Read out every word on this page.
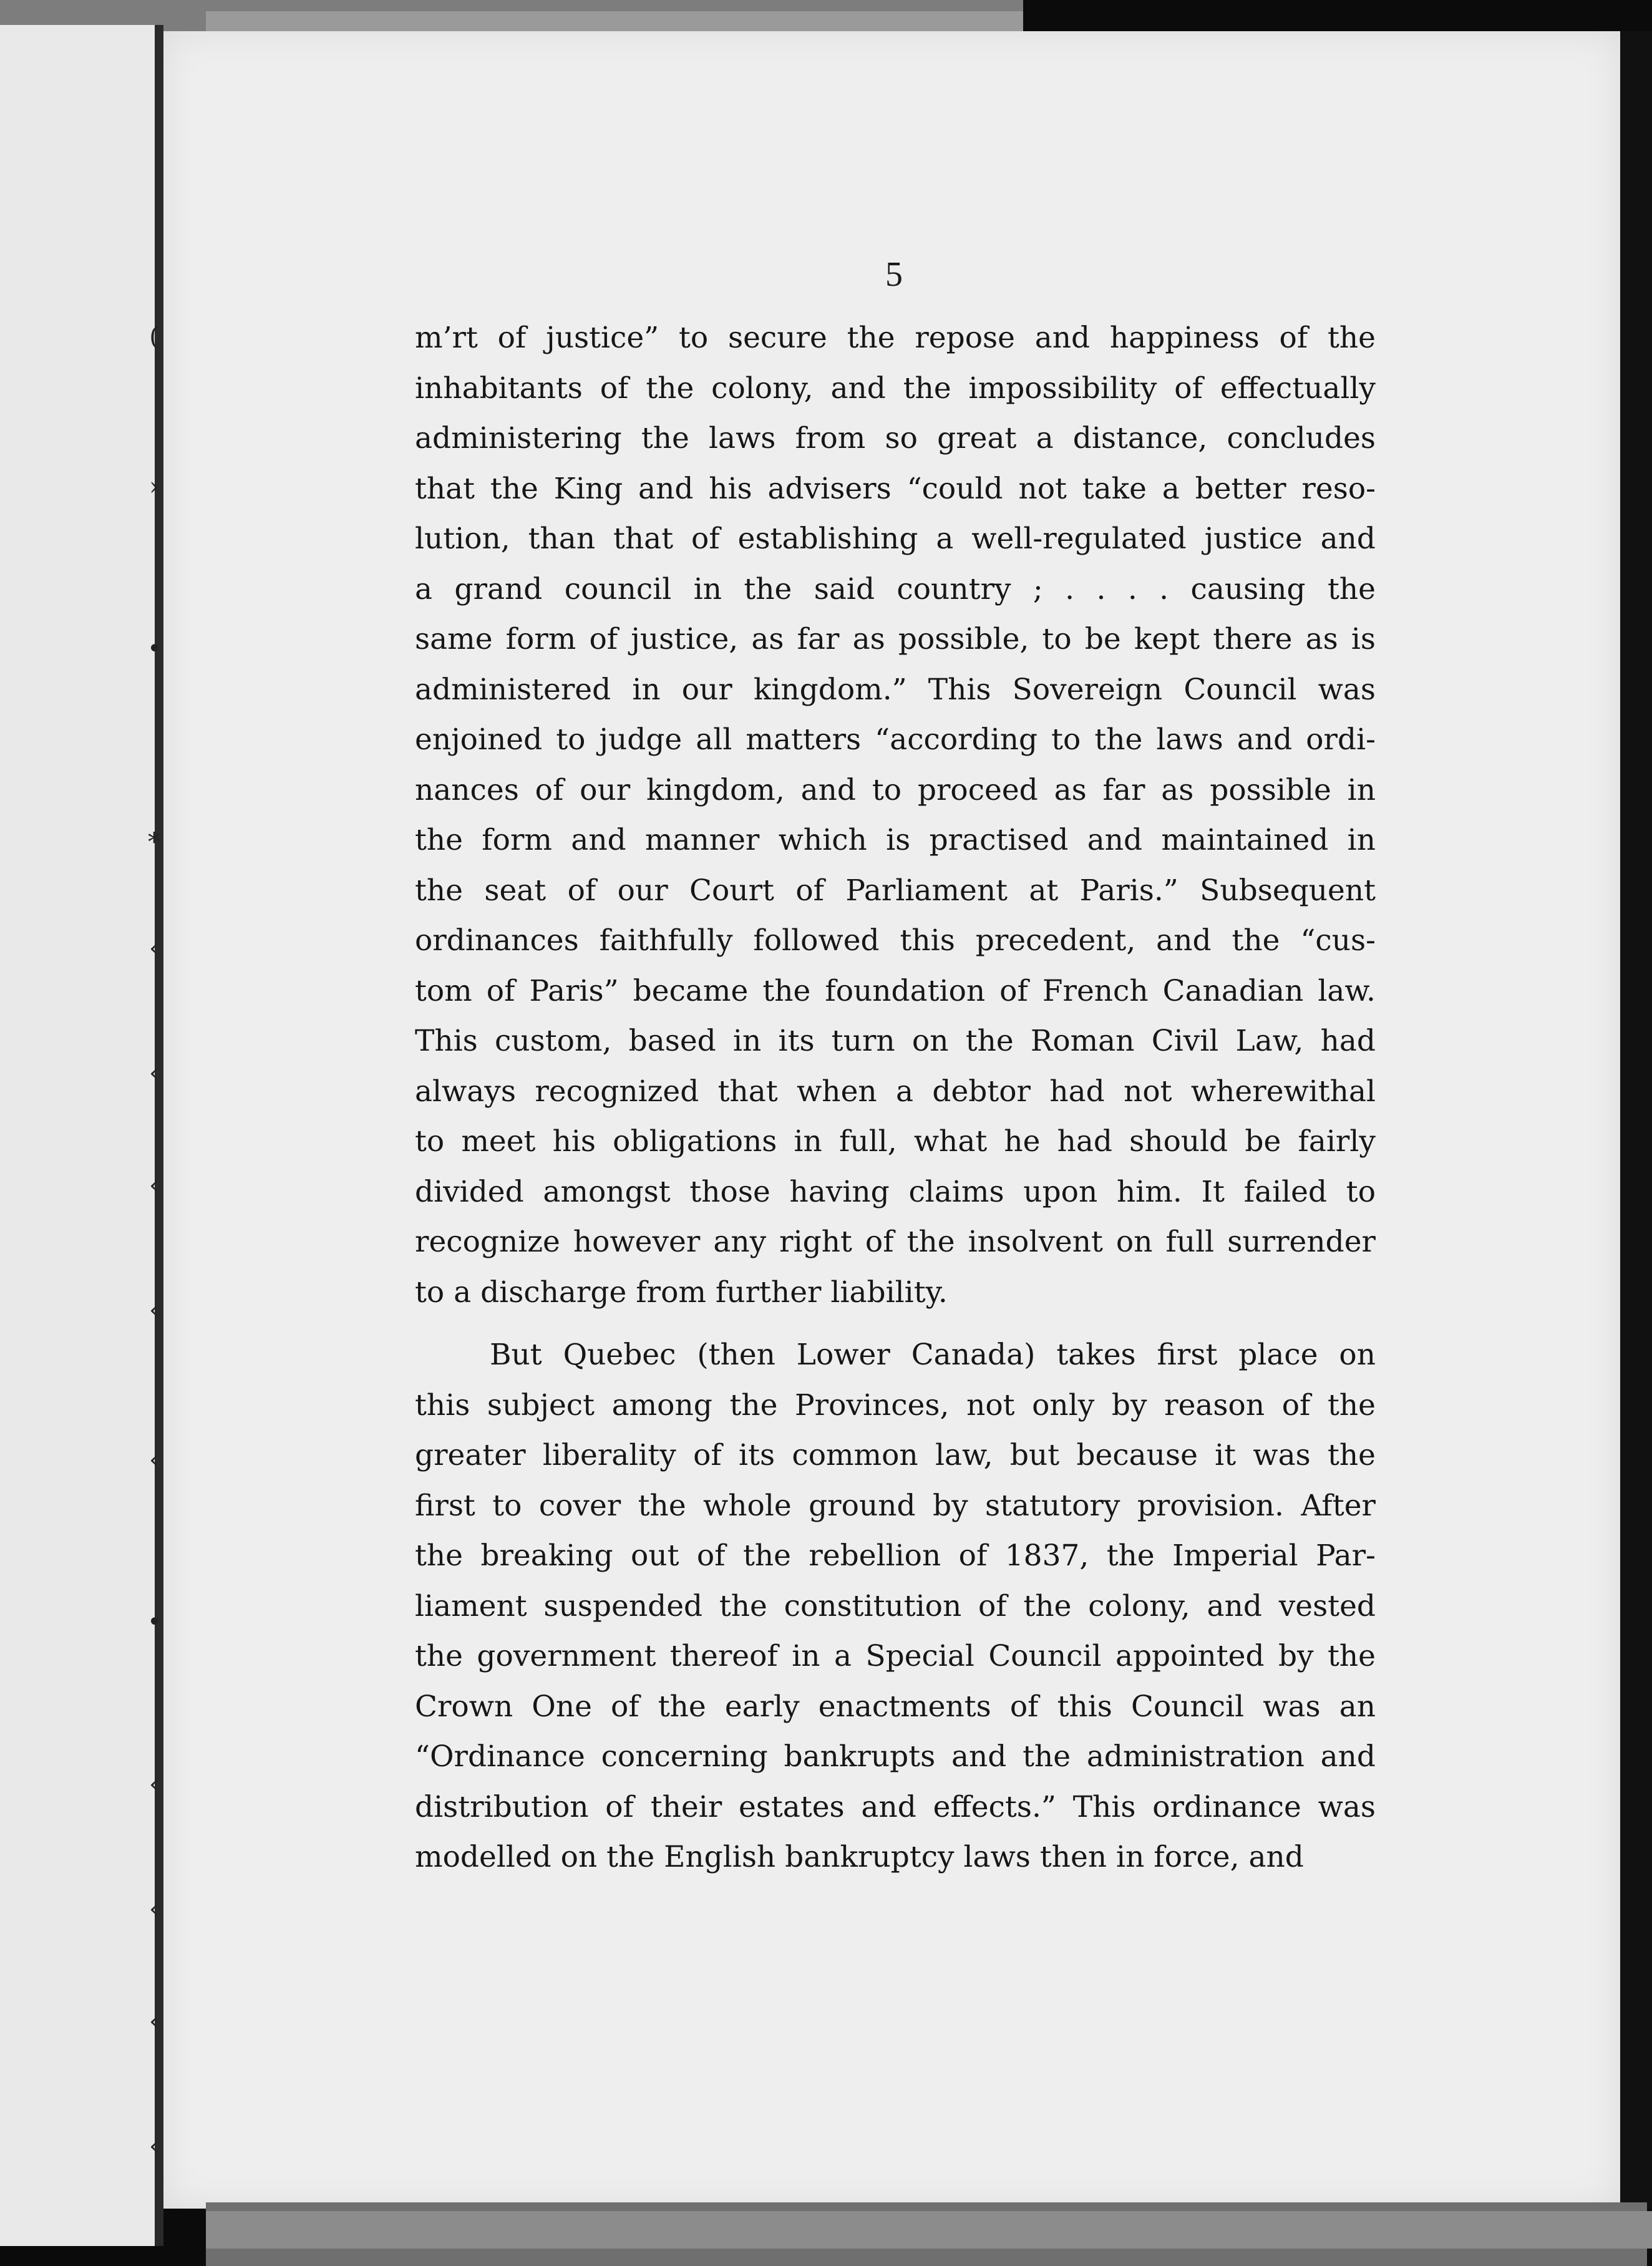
(
›
•
*
‹
‹
‹
‹
‹
•
‹
‹
‹
‹
5
m’rt of justice” to secure the repose and happiness of the
inhabitants of the colony, and the impossibility of effectually
administering the laws from so great a distance, concludes
that the King and his advisers “could not take a better reso-
lution, than that of establishing a well-regulated justice and
a grand council in the said country ; . . . . causing the
same form of justice, as far as possible, to be kept there as is
administered in our kingdom.” This Sovereign Council was
enjoined to judge all matters “according to the laws and ordi-
nances of our kingdom, and to proceed as far as possible in
the form and manner which is practised and maintained in
the seat of our Court of Parliament at Paris.” Subsequent
ordinances faithfully followed this precedent, and the “cus-
tom of Paris” became the foundation of French Canadian law.
This custom, based in its turn on the Roman Civil Law, had
always recognized that when a debtor had not wherewithal
to meet his obligations in full, what he had should be fairly
divided amongst those having claims upon him. It failed to
recognize however any right of the insolvent on full surrender
to a discharge from further liability.
But Quebec (then Lower Canada) takes first place on
this subject among the Provinces, not only by reason of the
greater liberality of its common law, but because it was the
first to cover the whole ground by statutory provision. After
the breaking out of the rebellion of 1837, the Imperial Par-
liament suspended the constitution of the colony, and vested
the government thereof in a Special Council appointed by the
Crown One of the early enactments of this Council was an
“Ordinance concerning bankrupts and the administration and
distribution of their estates and effects.” This ordinance was
modelled on the English bankruptcy laws then in force, and
